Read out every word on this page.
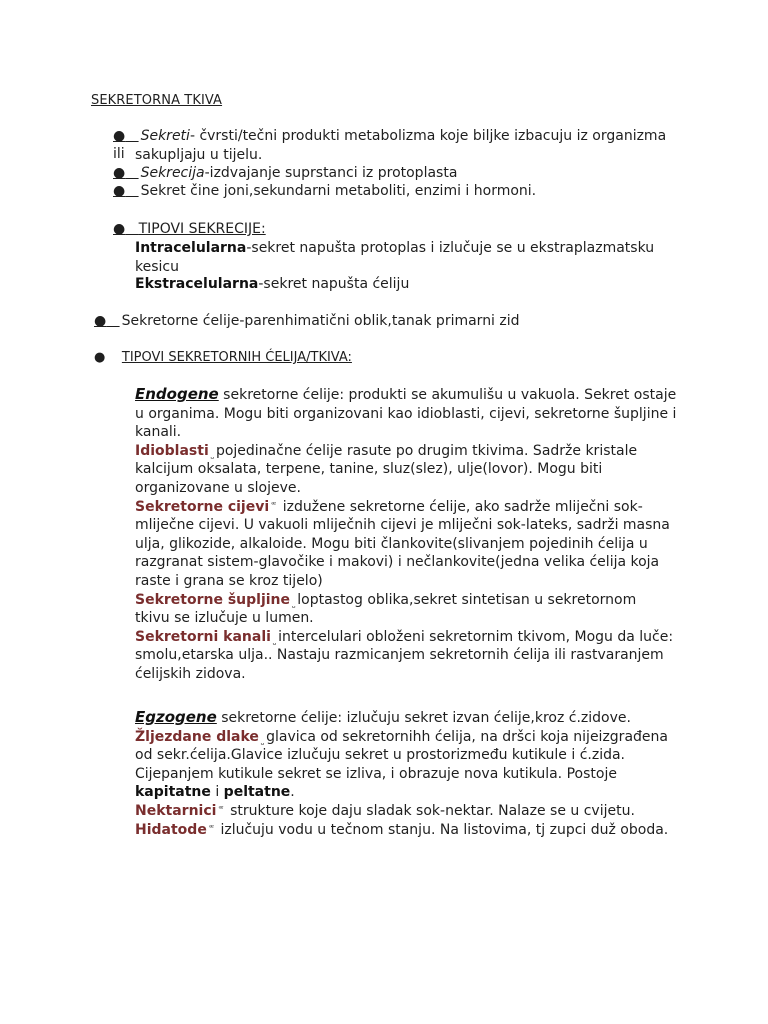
SEKRETORNA TKIVA
● Sekreti- čvrsti/tečni produkti metabolizma koje biljke izbacuju iz organizma ili sakupljaju u tijelu.
● Sekrecija-izdvajanje suprstanci iz protoplasta
● Sekret čine joni,sekundarni metaboliti, enzimi i hormoni.
● TIPOVI SEKRECIJE:
Intracelularna-sekret napušta protoplas i izlučuje se u ekstraplazmatsku
kesicu
Ekstracelularna-sekret napušta ćeliju
● Sekretorne ćelije-parenhimatični oblik,tanak primarni zid
● TIPOVI SEKRETORNIH ĆELIJA/TKIVA:
Endogene sekretorne ćelije: produkti se akumulišu u vakuola. Sekret ostaje
u organima. Mogu biti organizovani kao idioblasti, cijevi, sekretorne šupljine i
kanali.
Idioblasti ⎵ pojedinačne ćelije rasute po drugim tkivima. Sadrže kristale
kalcijum oksalata, terpene, tanine, sluz(slez), ulje(lovor). Mogu biti
organizovane u slojeve.
Sekretorne cijevi ᵆ izdužene sekretorne ćelije, ako sadrže mliječni sok-
mliječne cijevi. U vakuoli mliječnih cijevi je mliječni sok-lateks, sadrži masna
ulja, glikozide, alkaloide. Mogu biti člankovite(slivanjem pojedinih ćelija u
razgranat sistem-glavočike i makovi) i nečlankovite(jedna velika ćelija koja
raste i grana se kroz tijelo)
Sekretorne šupljine ⎵ loptastog oblika,sekret sintetisan u sekretornom
tkivu se izlučuje u lumen.
Sekretorni kanali ⎵ intercelulari obloženi sekretornim tkivom, Mogu da luče:
smolu,etarska ulja.. Nastaju razmicanjem sekretornih ćelija ili rastvaranjem
ćelijskih zidova.
Egzogene sekretorne ćelije: izlučuju sekret izvan ćelije,kroz ć.zidove.
Žljezdane dlake ⎵ glavica od sekretornihh ćelija, na dršci koja nijeizgrađena
od sekr.ćelija.Glavice izlučuju sekret u prostorizmeđu kutikule i ć.zida.
Cijepanjem kutikule sekret se izliva, i obrazuje nova kutikula. Postoje
kapitatne i peltatne.
Nektarnici ᵆ strukture koje daju sladak sok-nektar. Nalaze se u cvijetu.
Hidatode ᵆ izlučuju vodu u tečnom stanju. Na listovima, tj zupci duž oboda.
